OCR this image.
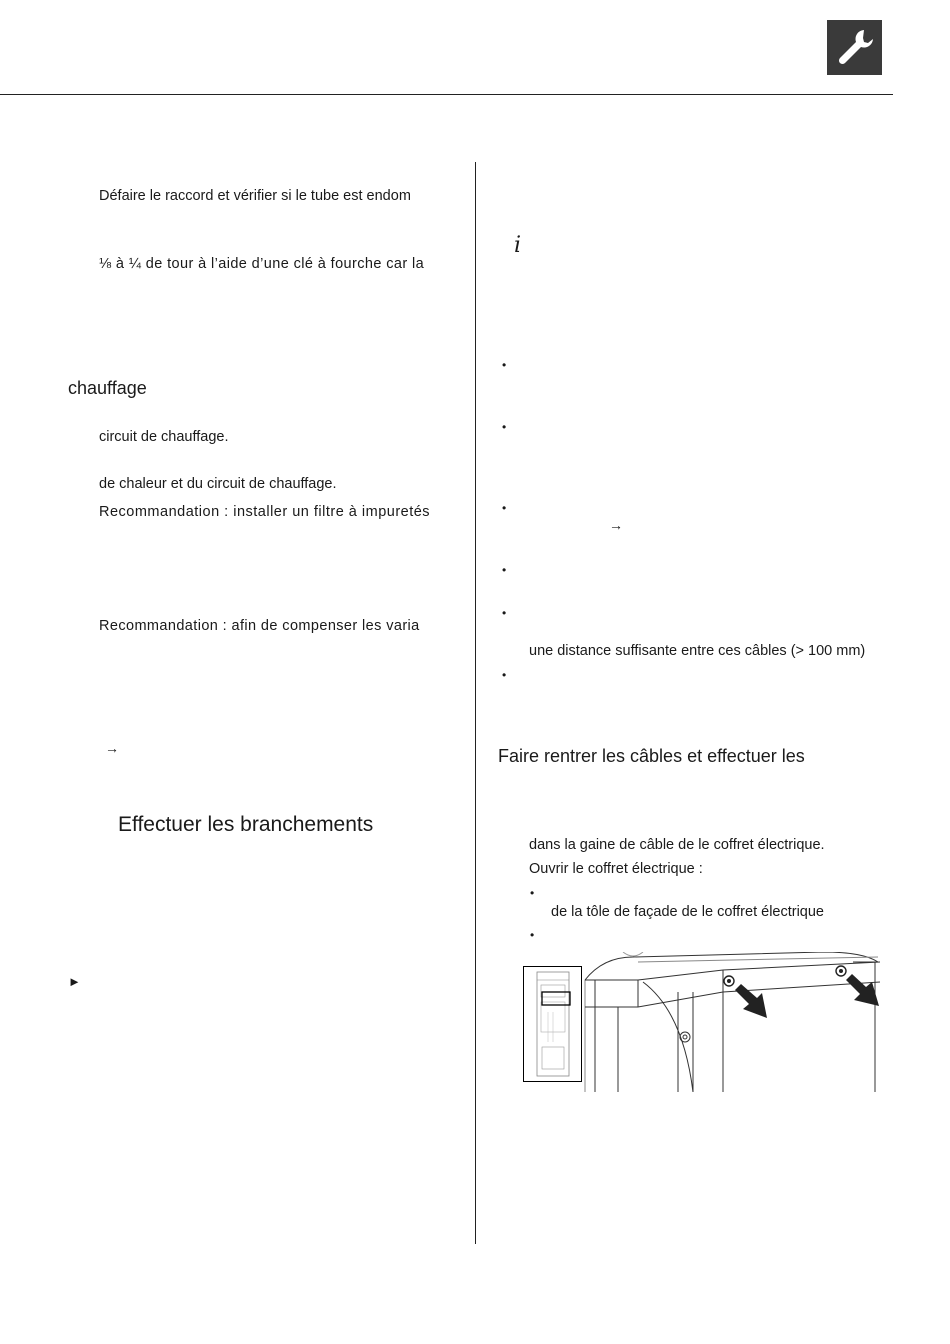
Défaire le raccord et vérifier si le tube est endom
⅛ à ¼ de tour à l’aide d’une clé à fourche car la
chauffage
circuit de chauffage.
de chaleur et du circuit de chauffage.
Recommandation : installer un filtre à impuretés
Recommandation : afin de compenser les varia
→
Effectuer les branchements
►
i
•
•
•
→
•
•
une distance suffisante entre ces câbles (> 100 mm)
•
Faire rentrer les câbles et effectuer les
dans la gaine de câble de le coffret électrique.
Ouvrir le coffret électrique :
•
de la tôle de façade de le coffret électrique
•
